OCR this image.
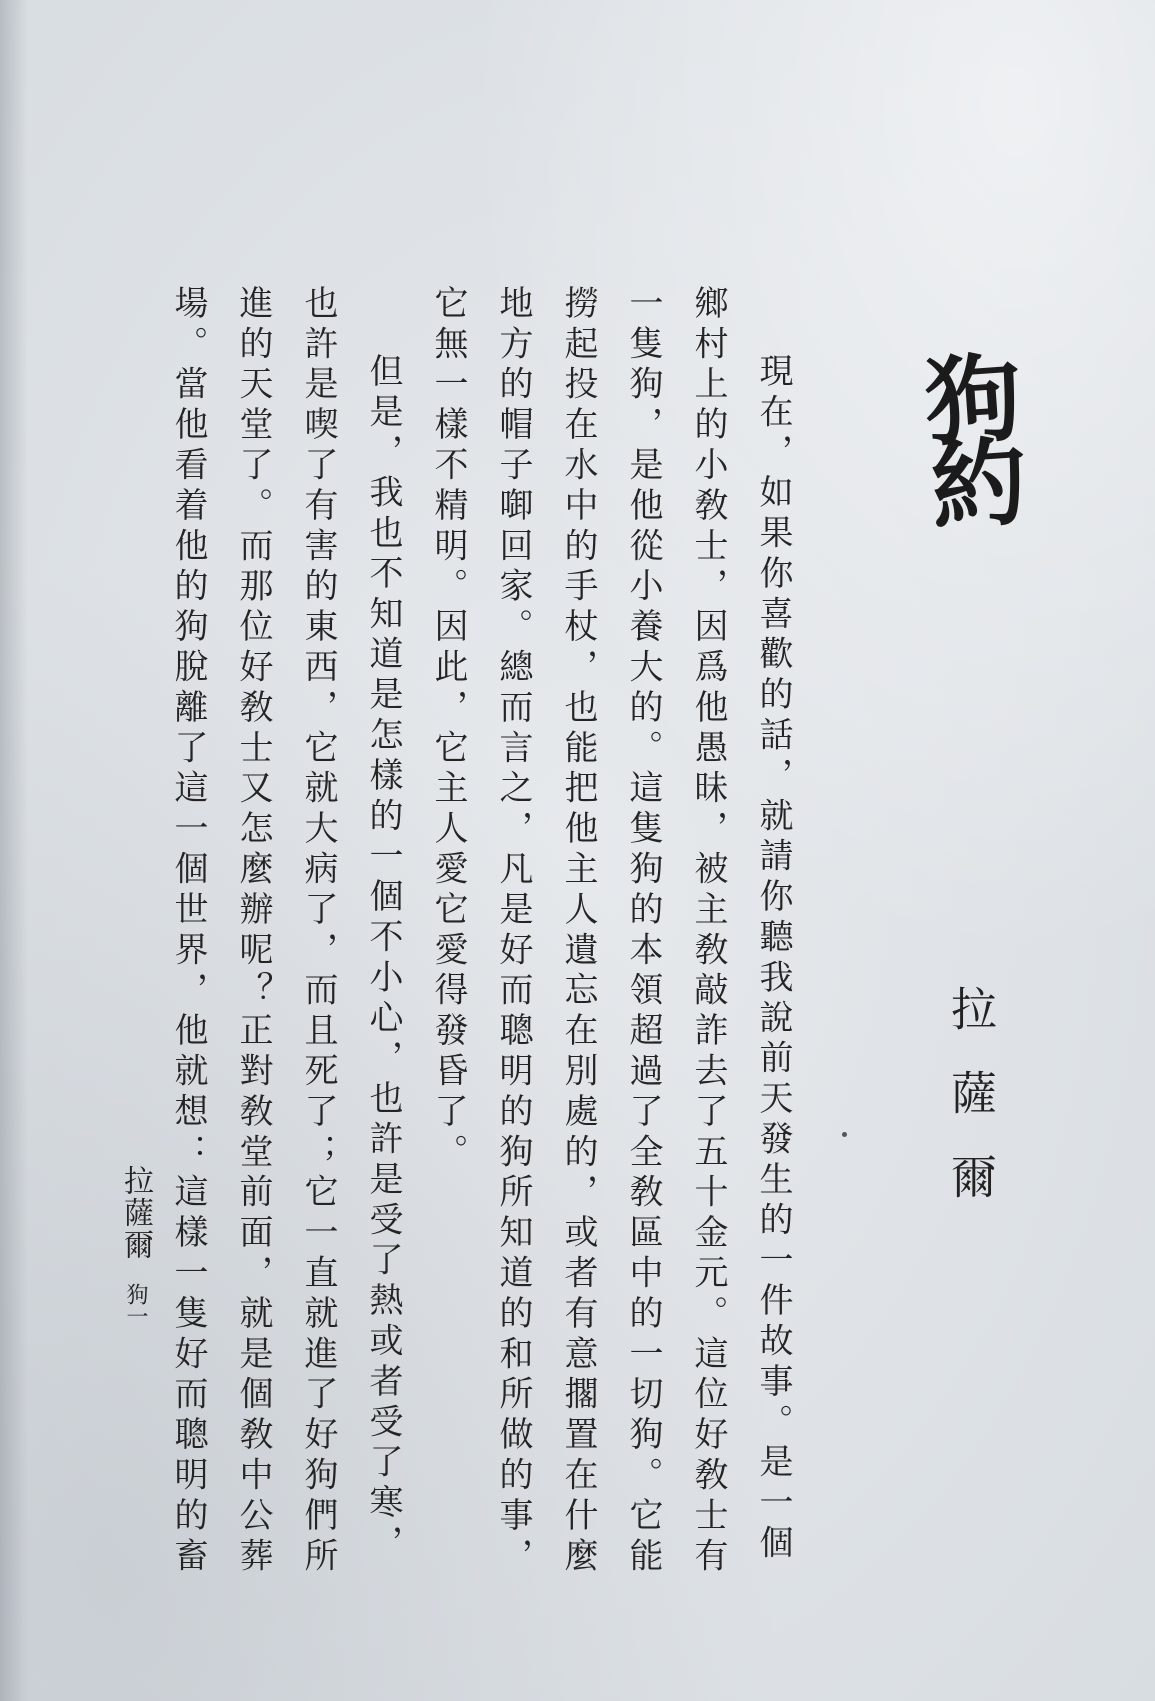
狗約
拉薩爾

現在，如果你喜歡的話，就請你聽我說前天發生的一件故事。是一個鄉村上的小敎士，因爲他愚昧，被主敎敲詐去了五十金元。這位好敎士有一隻狗，是他從小養大的。這隻狗的本領超過了全敎區中的一切狗。它能撈起投在水中的手杖，也能把他主人遺忘在別處的，或者有意擱置在什麼地方的帽子啣回家。總而言之，凡是好而聰明的狗所知道的和所做的事，它無一樣不精明。因此，它主人愛它愛得發昏了。

但是，我也不知道是怎樣的一個不小心，也許是受了熱或者受了寒，也許是喫了有害的東西，它就大病了，而且死了；它一直就進了好狗們所進的天堂了。而那位好敎士又怎麼辦呢？正對敎堂前面，就是個敎中公葬場。當他看着他的狗脫離了這一個世界，他就想：這樣一隻好而聰明的畜

拉薩爾狗一
